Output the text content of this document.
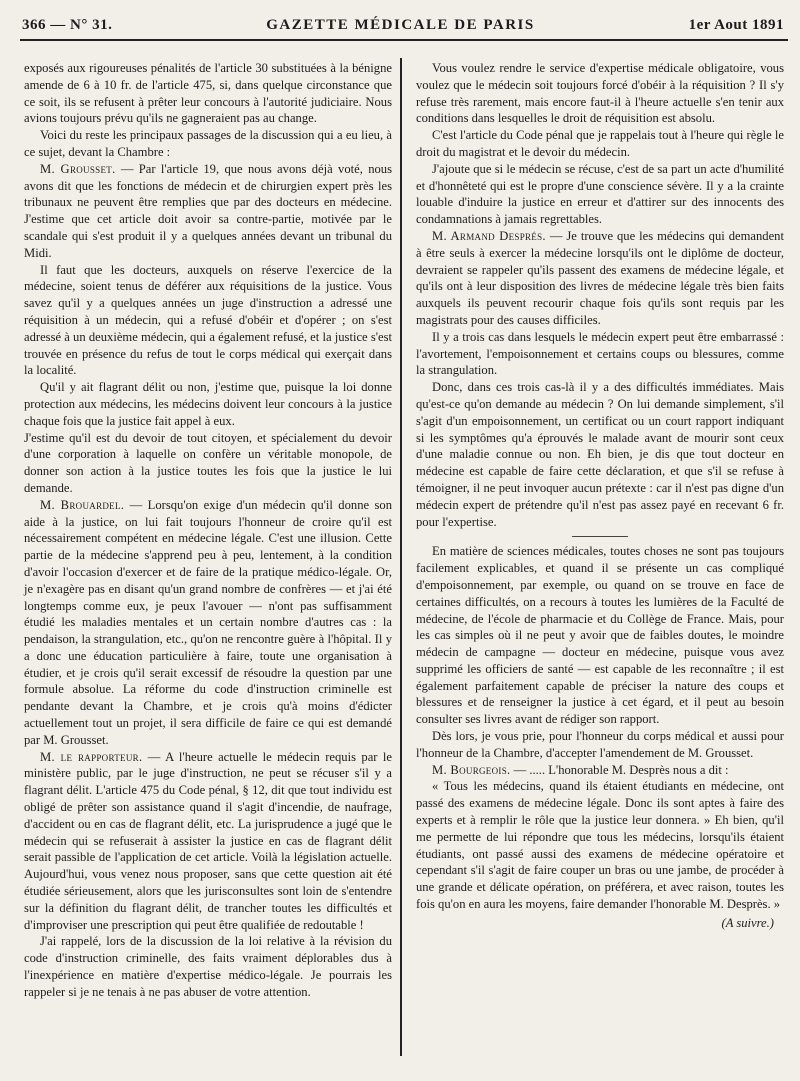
366 — N° 31.	GAZETTE MÉDICALE DE PARIS	1er Aout 1891

exposés aux rigoureuses pénalités de l'article 30 substituées à la bénigne amende de 6 à 10 fr. de l'article 475, si, dans quelque circonstance que ce soit, ils se refusent à prêter leur concours à l'autorité judiciaire. Nous avions toujours prévu qu'ils ne gagneraient pas au change.

Voici du reste les principaux passages de la discussion qui a eu lieu, à ce sujet, devant la Chambre :

M. Grousset. — Par l'article 19, que nous avons déjà voté, nous avons dit que les fonctions de médecin et de chirurgien expert près les tribunaux ne peuvent être remplies que par des docteurs en médecine. J'estime que cet article doit avoir sa contre-partie, motivée par le scandale qui s'est produit il y a quelques années devant un tribunal du Midi.

Il faut que les docteurs, auxquels on réserve l'exercice de la médecine, soient tenus de déférer aux réquisitions de la justice. Vous savez qu'il y a quelques années un juge d'instruction a adressé une réquisition à un médecin, qui a refusé d'obéir et d'opérer ; on s'est adressé à un deuxième médecin, qui a également refusé, et la justice s'est trouvée en présence du refus de tout le corps médical qui exerçait dans la localité.

Qu'il y ait flagrant délit ou non, j'estime que, puisque la loi donne protection aux médecins, les médecins doivent leur concours à la justice chaque fois que la justice fait appel à eux.

J'estime qu'il est du devoir de tout citoyen, et spécialement du devoir d'une corporation à laquelle on confère un véritable monopole, de donner son action à la justice toutes les fois que la justice le lui demande.

M. Brouardel. — Lorsqu'on exige d'un médecin qu'il donne son aide à la justice, on lui fait toujours l'honneur de croire qu'il est nécessairement compétent en médecine légale. C'est une illusion. Cette partie de la médecine s'apprend peu à peu, lentement, à la condition d'avoir l'occasion d'exercer et de faire de la pratique médico-légale. Or, je n'exagère pas en disant qu'un grand nombre de confrères — et j'ai été longtemps comme eux, je peux l'avouer — n'ont pas suffisamment étudié les maladies mentales et un certain nombre d'autres cas : la pendaison, la strangulation, etc., qu'on ne rencontre guère à l'hôpital. Il y a donc une éducation particulière à faire, toute une organisation à étudier, et je crois qu'il serait excessif de résoudre la question par une formule absolue. La réforme du code d'instruction criminelle est pendante devant la Chambre, et je crois qu'à moins d'édicter actuellement tout un projet, il sera difficile de faire ce qui est demandé par M. Grousset.

M. le rapporteur. — A l'heure actuelle le médecin requis par le ministère public, par le juge d'instruction, ne peut se récuser s'il y a flagrant délit. L'article 475 du Code pénal, § 12, dit que tout individu est obligé de prêter son assistance quand il s'agit d'incendie, de naufrage, d'accident ou en cas de flagrant délit, etc. La jurisprudence a jugé que le médecin qui se refuserait à assister la justice en cas de flagrant délit serait passible de l'application de cet article. Voilà la législation actuelle. Aujourd'hui, vous venez nous proposer, sans que cette question ait été étudiée sérieusement, alors que les jurisconsultes sont loin de s'entendre sur la définition du flagrant délit, de trancher toutes les difficultés et d'improviser une prescription qui peut être qualifiée de redoutable !

J'ai rappelé, lors de la discussion de la loi relative à la révision du code d'instruction criminelle, des faits vraiment déplorables dus à l'inexpérience en matière d'expertise médico-légale. Je pourrais les rappeler si je ne tenais à ne pas abuser de votre attention.

Vous voulez rendre le service d'expertise médicale obligatoire, vous voulez que le médecin soit toujours forcé d'obéir à la réquisition ? Il s'y refuse très rarement, mais encore faut-il à l'heure actuelle s'en tenir aux conditions dans lesquelles le droit de réquisition est absolu.

C'est l'article du Code pénal que je rappelais tout à l'heure qui règle le droit du magistrat et le devoir du médecin.

J'ajoute que si le médecin se récuse, c'est de sa part un acte d'humilité et d'honnêteté qui est le propre d'une conscience sévère. Il y a la crainte louable d'induire la justice en erreur et d'attirer sur des innocents des condamnations à jamais regrettables.

M. Armand Després. — Je trouve que les médecins qui demandent à être seuls à exercer la médecine lorsqu'ils ont le diplôme de docteur, devraient se rappeler qu'ils passent des examens de médecine légale, et qu'ils ont à leur disposition des livres de médecine légale très bien faits auxquels ils peuvent recourir chaque fois qu'ils sont requis par les magistrats pour des causes difficiles.

Il y a trois cas dans lesquels le médecin expert peut être embarrassé : l'avortement, l'empoisonnement et certains coups ou blessures, comme la strangulation.

Donc, dans ces trois cas-là il y a des difficultés immédiates. Mais qu'est-ce qu'on demande au médecin ? On lui demande simplement, s'il s'agit d'un empoisonnement, un certificat ou un court rapport indiquant si les symptômes qu'a éprouvés le malade avant de mourir sont ceux d'une maladie connue ou non. Eh bien, je dis que tout docteur en médecine est capable de faire cette déclaration, et que s'il se refuse à témoigner, il ne peut invoquer aucun prétexte : car il n'est pas digne d'un médecin expert de prétendre qu'il n'est pas assez payé en recevant 6 fr. pour l'expertise.

En matière de sciences médicales, toutes choses ne sont pas toujours facilement explicables, et quand il se présente un cas compliqué d'empoisonnement, par exemple, ou quand on se trouve en face de certaines difficultés, on a recours à toutes les lumières de la Faculté de médecine, de l'école de pharmacie et du Collège de France. Mais, pour les cas simples où il ne peut y avoir que de faibles doutes, le moindre médecin de campagne — docteur en médecine, puisque vous avez supprimé les officiers de santé — est capable de les reconnaître ; il est également parfaitement capable de préciser la nature des coups et blessures et de renseigner la justice à cet égard, et il peut au besoin consulter ses livres avant de rédiger son rapport.

Dès lors, je vous prie, pour l'honneur du corps médical et aussi pour l'honneur de la Chambre, d'accepter l'amendement de M. Grousset.

M. Bourgeois. — ..... L'honorable M. Desprès nous a dit :

« Tous les médecins, quand ils étaient étudiants en médecine, ont passé des examens de médecine légale. Donc ils sont aptes à faire des experts et à remplir le rôle que la justice leur donnera. » Eh bien, qu'il me permette de lui répondre que tous les médecins, lorsqu'ils étaient étudiants, ont passé aussi des examens de médecine opératoire et cependant s'il s'agit de faire couper un bras ou une jambe, de procéder à une grande et délicate opération, on préférera, et avec raison, toutes les fois qu'on en aura les moyens, faire demander l'honorable M. Desprès. »

(A suivre.)
